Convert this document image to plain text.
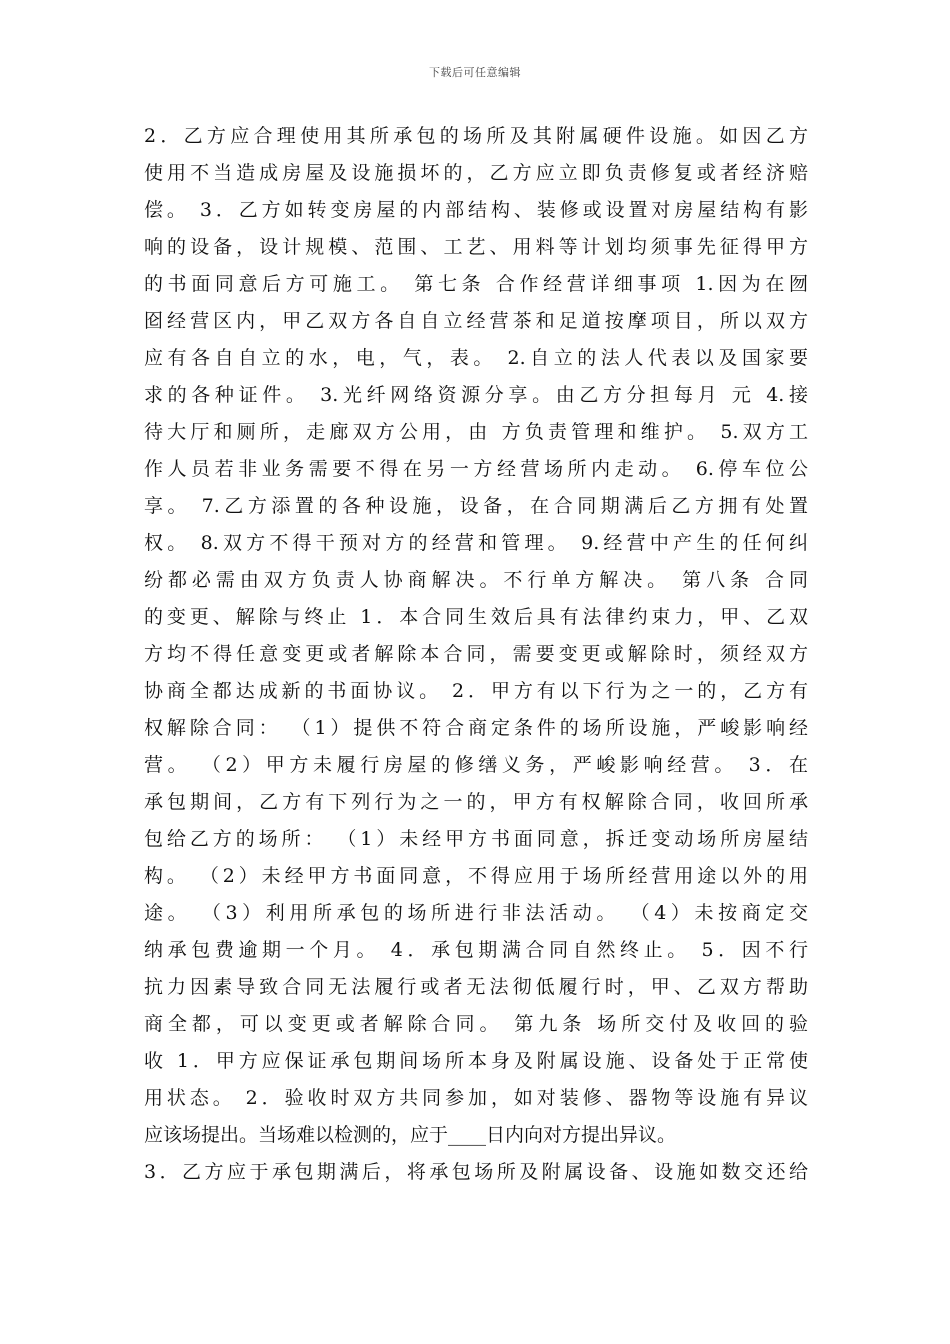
下载后可任意编辑
2．乙方应合理使用其所承包的场所及其附属硬件设施。如因乙方
使用不当造成房屋及设施损坏的，乙方应立即负责修复或者经济赔
偿。 3．乙方如转变房屋的内部结构、装修或设置对房屋结构有影
响的设备，设计规模、范围、工艺、用料等计划均须事先征得甲方
的书面同意后方可施工。 第七条 合作经营详细事项 1.因为在囫
囵经营区内，甲乙双方各自自立经营茶和足道按摩项目，所以双方
应有各自自立的水，电，气，表。 2.自立的法人代表以及国家要
求的各种证件。 3.光纤网络资源分享。由乙方分担每月 元 4.接
待大厅和厕所，走廊双方公用，由 方负责管理和维护。 5.双方工
作人员若非业务需要不得在另一方经营场所内走动。 6.停车位公
享。 7.乙方添置的各种设施，设备，在合同期满后乙方拥有处置
权。 8.双方不得干预对方的经营和管理。 9.经营中产生的任何纠
纷都必需由双方负责人协商解决。不行单方解决。 第八条 合同
的变更、解除与终止 1．本合同生效后具有法律约束力，甲、乙双
方均不得任意变更或者解除本合同，需要变更或解除时，须经双方
协商全都达成新的书面协议。 2．甲方有以下行为之一的，乙方有
权解除合同： （1）提供不符合商定条件的场所设施，严峻影响经
营。 （2）甲方未履行房屋的修缮义务，严峻影响经营。 3．在
承包期间，乙方有下列行为之一的，甲方有权解除合同，收回所承
包给乙方的场所： （1）未经甲方书面同意，拆迁变动场所房屋结
构。 （2）未经甲方书面同意，不得应用于场所经营用途以外的用
途。 （3）利用所承包的场所进行非法活动。 （4）未按商定交
纳承包费逾期一个月。 4．承包期满合同自然终止。 5．因不行
抗力因素导致合同无法履行或者无法彻低履行时，甲、乙双方帮助
商全都，可以变更或者解除合同。 第九条 场所交付及收回的验
收 1．甲方应保证承包期间场所本身及附属设施、设备处于正常使
用状态。 2．验收时双方共同参加，如对装修、器物等设施有异议
应该场提出。当场难以检测的，应于____日内向对方提出异议。
3．乙方应于承包期满后，将承包场所及附属设备、设施如数交还给
